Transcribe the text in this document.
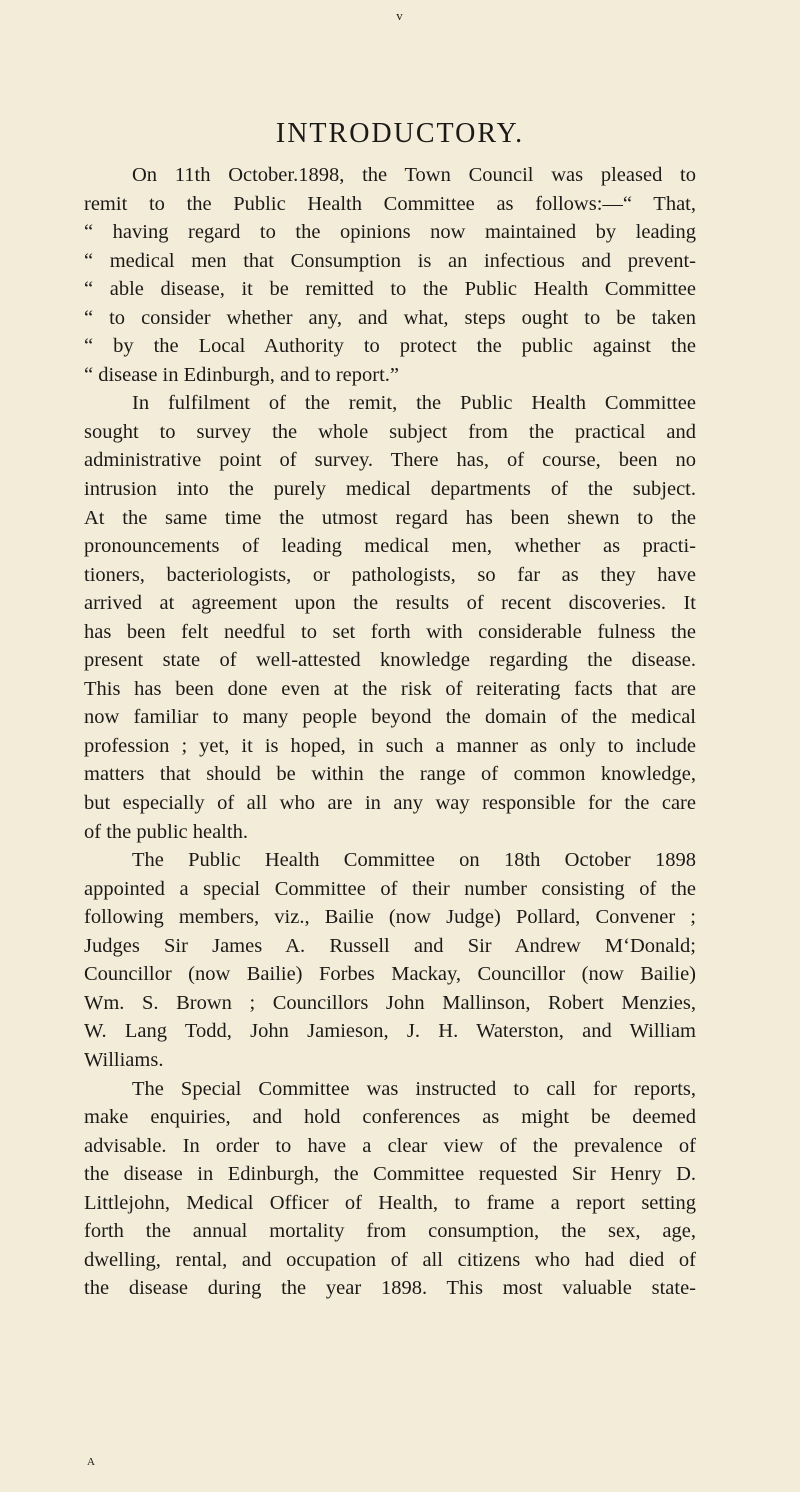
v
INTRODUCTORY.
On 11th October.1898, the Town Council was pleased to
remit to the Public Health Committee as follows:—“ That,
“ having regard to the opinions now maintained by leading
“ medical men that Consumption is an infectious and prevent-
“ able disease, it be remitted to the Public Health Committee
“ to consider whether any, and what, steps ought to be taken
“ by the Local Authority to protect the public against the
“ disease in Edinburgh, and to report.”
In fulfilment of the remit, the Public Health Committee
sought to survey the whole subject from the practical and
administrative point of survey. There has, of course, been no
intrusion into the purely medical departments of the subject.
At the same time the utmost regard has been shewn to the
pronouncements of leading medical men, whether as practi-
tioners, bacteriologists, or pathologists, so far as they have
arrived at agreement upon the results of recent discoveries. It
has been felt needful to set forth with considerable fulness the
present state of well-attested knowledge regarding the disease.
This has been done even at the risk of reiterating facts that are
now familiar to many people beyond the domain of the medical
profession ; yet, it is hoped, in such a manner as only to include
matters that should be within the range of common knowledge,
but especially of all who are in any way responsible for the care
of the public health.
The Public Health Committee on 18th October 1898
appointed a special Committee of their number consisting of the
following members, viz., Bailie (now Judge) Pollard, Convener ;
Judges Sir James A. Russell and Sir Andrew M‘Donald;
Councillor (now Bailie) Forbes Mackay, Councillor (now Bailie)
Wm. S. Brown ; Councillors John Mallinson, Robert Menzies,
W. Lang Todd, John Jamieson, J. H. Waterston, and William
Williams.
The Special Committee was instructed to call for reports,
make enquiries, and hold conferences as might be deemed
advisable. In order to have a clear view of the prevalence of
the disease in Edinburgh, the Committee requested Sir Henry D.
Littlejohn, Medical Officer of Health, to frame a report setting
forth the annual mortality from consumption, the sex, age,
dwelling, rental, and occupation of all citizens who had died of
the disease during the year 1898. This most valuable state-
A
